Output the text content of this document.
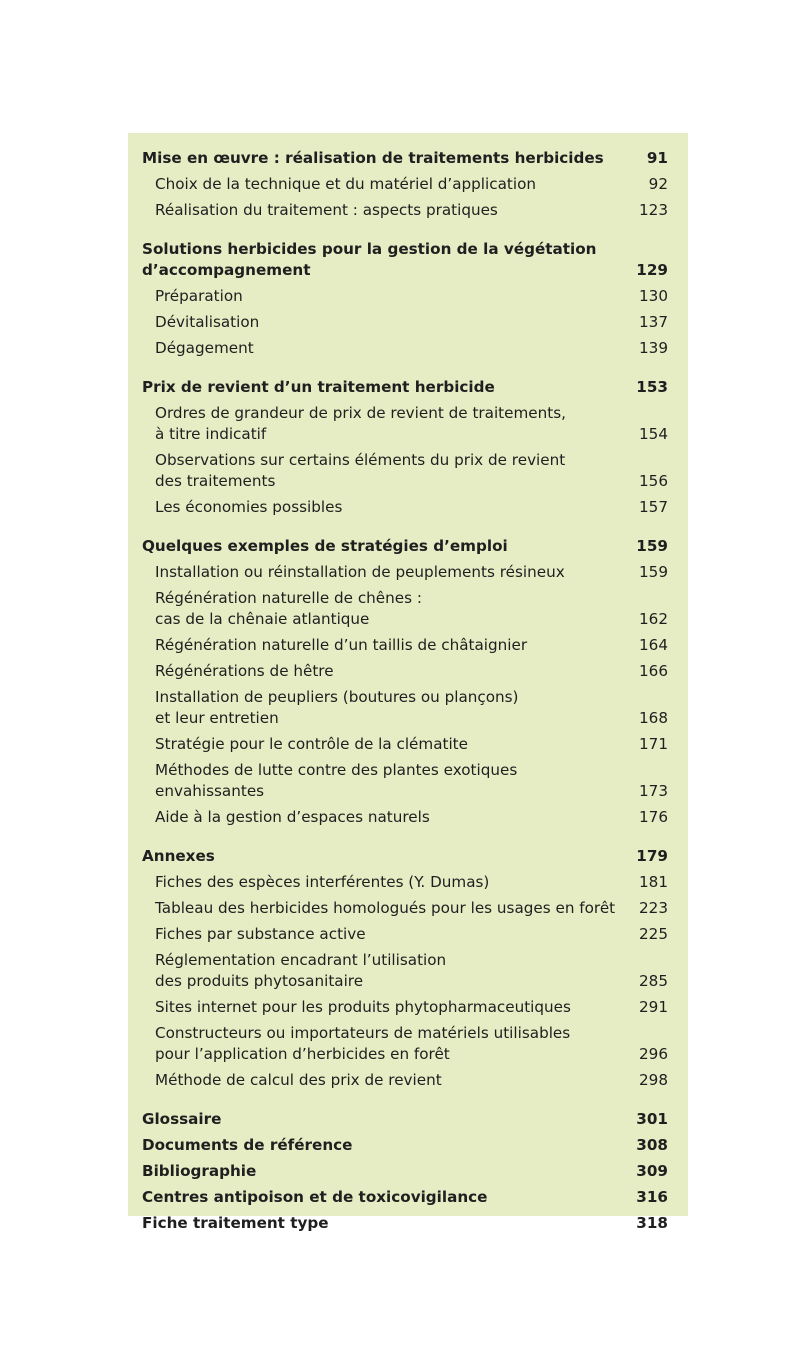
Mise en œuvre : réalisation de traitements herbicides	91
Choix de la technique et du matériel d’application	92
Réalisation du traitement : aspects pratiques	123
Solutions herbicides pour la gestion de la végétation
d’accompagnement	129
Préparation	130
Dévitalisation	137
Dégagement	139
Prix de revient d’un traitement herbicide	153
Ordres de grandeur de prix de revient de traitements,
à titre indicatif	154
Observations sur certains éléments du prix de revient
des traitements	156
Les économies possibles	157
Quelques exemples de stratégies d’emploi	159
Installation ou réinstallation de peuplements résineux	159
Régénération naturelle de chênes :
cas de la chênaie atlantique	162
Régénération naturelle d’un taillis de châtaignier	164
Régénérations de hêtre	166
Installation de peupliers (boutures ou plançons)
et leur entretien	168
Stratégie pour le contrôle de la clématite	171
Méthodes de lutte contre des plantes exotiques
envahissantes	173
Aide à la gestion d’espaces naturels	176
Annexes	179
Fiches des espèces interférentes (Y. Dumas)	181
Tableau des herbicides homologués pour les usages en forêt	223
Fiches par substance active	225
Réglementation encadrant l’utilisation
des produits phytosanitaire	285
Sites internet pour les produits phytopharmaceutiques	291
Constructeurs ou importateurs de matériels utilisables
pour l’application d’herbicides en forêt	296
Méthode de calcul des prix de revient	298
Glossaire	301
Documents de référence	308
Bibliographie	309
Centres antipoison et de toxicovigilance	316
Fiche traitement type	318
